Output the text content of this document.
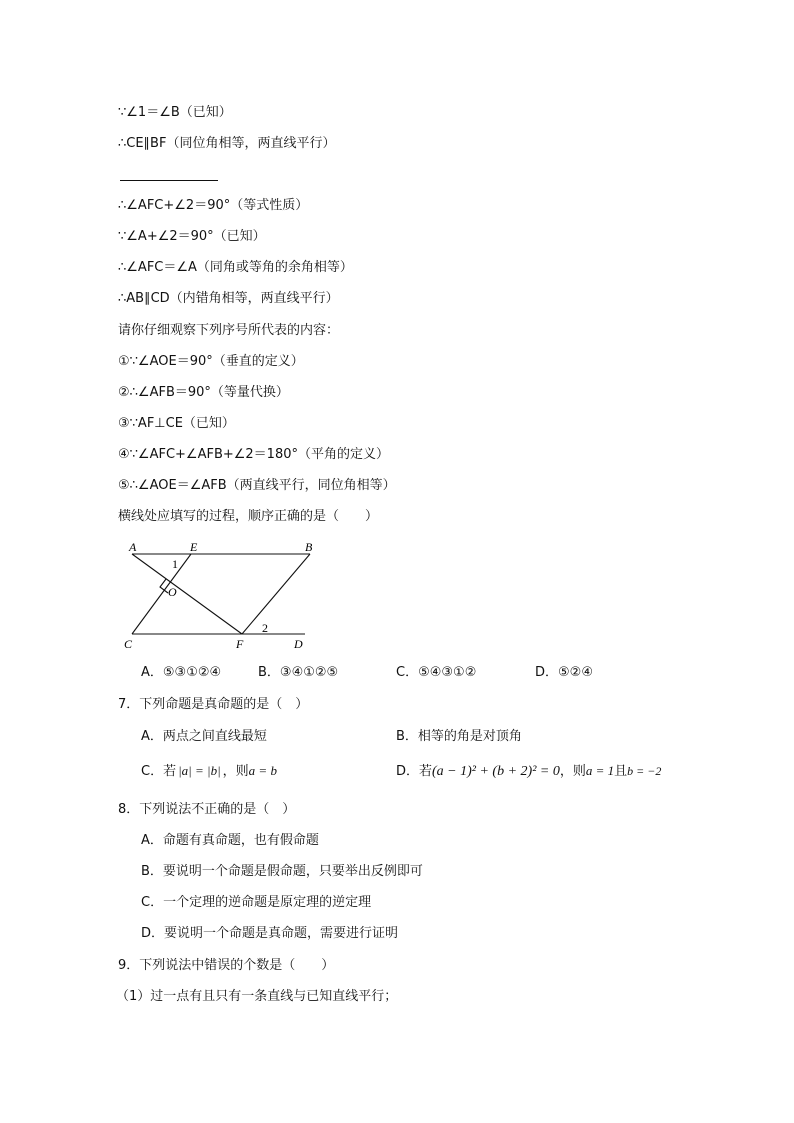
∵∠1＝∠B（已知）
∴CE∥BF（同位角相等，两直线平行）
∴∠AFC+∠2＝90°（等式性质）
∵∠A+∠2＝90°（已知）
∴∠AFC＝∠A（同角或等角的余角相等）
∴AB∥CD（内错角相等，两直线平行）
请你仔细观察下列序号所代表的内容：
①∵∠AOE＝90°（垂直的定义）
②∴∠AFB＝90°（等量代换）
③∵AF⊥CE（已知）
④∵∠AFC+∠AFB+∠2＝180°（平角的定义）
⑤∴∠AOE＝∠AFB（两直线平行，同位角相等）
横线处应填写的过程，顺序正确的是（　　）
A	E	B
1
O
C	F	D
2
A．⑤③①②④	B．③④①②⑤	C．⑤④③①②	D．⑤②④
7．下列命题是真命题的是（　）
A．两点之间直线最短	B．相等的角是对顶角
C．若 |a| = |b| ，则a = b	D．若(a − 1)² + (b + 2)² = 0，则a = 1且b = −2
8．下列说法不正确的是（　）
A．命题有真命题，也有假命题
B．要说明一个命题是假命题，只要举出反例即可
C．一个定理的逆命题是原定理的逆定理
D．要说明一个命题是真命题，需要进行证明
9．下列说法中错误的个数是（　　）
（1）过一点有且只有一条直线与已知直线平行；
